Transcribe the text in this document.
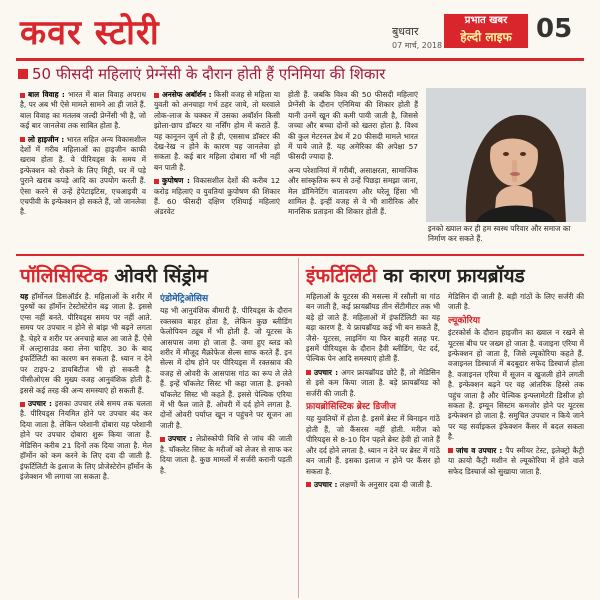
कवर स्टोरी	बुधवार
07 मार्च, 2018
प्रभात खबर
हेल्दी लाइफ 05
50 फीसदी महिलाएं प्रेग्नेंसी के दौरान होती हैं एनिमिया की शिकार

बाल विवाह : भारत में बाल विवाह अपराध है, पर अब भी ऐसे मामले सामने आ ही जाते हैं. बाल विवाह का मतलब जल्दी प्रेग्नेंसी भी है, जो कई बार जानलेवा तक साबित होता है.

लो हाइजीन : भारत सहित अन्य विकासशील देशों में गरीब महिलाओं का हाइजीन काफी खराब होता है. वे पीरियड्स के समय में इन्फेक्शन को रोकने के लिए मिट्टी, घर में पड़े पुराने खराब कपड़े आदि का उपयोग करती हैं. ऐसा करने से उन्हें हेपेटाइटिस, एचआइवी व एचपीवी के इन्फेक्शन हो सकते हैं, जो जानलेवा है.

अनसेफ अबॉर्शन : किसी वजह से महिला या युवती को अनचाहा गर्भ ठहर जाये, तो घरवाले लोक-लाज के चक्कर में उसका अबॉर्शन किसी झोला-छाप डॉक्टर या नर्सिंग होम में कराते हैं. यह कानूनन जुर्म तो है ही, एससाथ डॉक्टर की देख-रेख न होने के कारण यह जानलेवा हो सकता है. कई बार महिला दोबारा माँ भी नहीं बन पाती है.

कुपोषण : विकासशील देशों की करीब 12 करोड़ महिलाएं व युवतियां कुपोषण की शिकार हैं. 60 फीसदी दक्षिण एशियाई महिलाएं अंडरवेट

होती हैं. जबकि विश्व की 50 फीसदी महिलाएं प्रेग्नेंसी के दौरान एनिमिया की शिकार होती हैं यानी उनमें खून की कमी पायी जाती है, जिससे जच्चा और बच्चा दोनों को खतरा होता है. विश्व की कुल मेटरनल डेथ में 20 फीसदी मामले भारत में पाये जाते हैं. यह अमेरिका की अपेक्षा 57 फीसदी ज्यादा है.

अन्य परेशानियां में गरीबी, असाक्षरता, सामाजिक और सांस्कृतिक रूप से उन्हें पिछड़ा समझा जाना, मेल डॉमिनेटिंग वातावरण और घरेलू हिंसा भी शामिल है. इन्हीं वजह से वे भी शारीरिक और मानसिक प्रताड़ना की शिकार होती हैं.

इनको ख्याल कर ही हम स्वस्थ परिवार और समाज का निर्माण कर सकते हैं.
पॉलिसिस्टिक ओवरी सिंड्रोम

यह हॉर्मोनल डिसऑर्डर है. महिलाओं के शरीर में पुरुषों का हॉर्मोन टेस्टोस्टेरोन बढ़ जाता है. इससे एग्स नहीं बनते. पीरियड्स समय पर नहीं आते. समय पर उपचार न होने से बांझ भी बढ़ने लगता है. चेहरे व शरीर पर अनचाहे बाल आ जाते हैं. ऐसे में अल्ट्रासाउंड करा लेना चाहिए. 30 के बाद इंफर्टिलिटी का कारण बन सकता है. ध्यान न देने पर टाइप-2 डायबिटीज भी हो सकती है. पीसीओएस की मुख्य वजह आनुवंशिक होती है. इससे कई तरह की अन्य समस्याएं हो सकती हैं.

उपचार : इसका उपचार लंबे समय तक चलता है. पीरियड्स नियमित होने पर उपचार बंद कर दिया जाता है. लेकिन परेशानी दोबारा यह परेशानी होने पर उपचार दोबारा शुरू किया जाता है. मेडिसिन करीब 21 दिनों तक दिया जाता है. मेल हॉर्मोन को कम करने के लिए दवा दी जाती है. इंफर्टिलिटी के इलाज के लिए प्रोजेस्टेरोन हॉर्मोन के इंजेक्शन भी लगाया जा सकता है.

एंडोमेट्रिओसिस

यह भी आनुवंशिक बीमारी है. पीरियड्स के दौरान रक्तस्राव बाहर होता है, लेकिन कुछ ब्लीडिंग फेलोपियन ट्यूब में भी होती है. जो यूटरस के आसपास जमा हो जाता है. जमा हुए ब्लड को शरीर में मौजूद मैक्रोफेज सेल्स साफ करते हैं. इन सेल्स में दोष होने पर पीरियड्स में रक्तस्राव की वजह से ओवरी के आसपास गांठ का रूप ले लेते हैं. इन्हें चॉकलेट सिस्ट भी कहा जाता है. इनको चॉकलेट सिस्ट भी कहते हैं. इससे पेल्विक एरिया में भी फैल जाते हैं. ओवरी में दर्द होने लगता है. दोनों ओवरी पर्याप्त खून न पहुंचने पर सूजन आ जाती है.

उपचार : लेप्रोस्कोपी विधि से जांच की जाती है. चॉकलेट सिस्ट के मरीजों को लेजर से साफ कर दिया जाता है. कुछ मामलों में सर्जरी करानी पड़ती है.

इंफर्टिलिटी का कारण फ्रायब्रॉयड

महिलाओं के यूटरस की मसल्स में रसौली या गांठ बन जाती है, कई फ्रायब्रॉयड तीन सेंटीमीटर तक भी बड़े हो जाते हैं. महिलाओं में इंफर्टिलिटी का यह बड़ा कारण है. ये फ्रायब्रॉयड कई भी बन सकते हैं, जैसे- यूटरस, लाइनिंग या फिर बाहरी सतह पर. इसमें पीरियड्स के दौरान हैवी ब्लीडिंग, पेट दर्द, पेल्विक पेन आदि समस्याएं होती हैं.

उपचार : अगर फ्रायब्रॉयड छोटे हैं, तो मेडिसिन से इसे कम किया जाता है. बड़े फ्रायब्रॉयड को सर्जरी की जाती है.

फ्रायब्रोसिस्टिक ब्रेस्ट डिजीज

यह युवतियों में होता है. इसमें ब्रेस्ट में बिनाइन गांठें होती हैं, जो कैंसरस नहीं होती. मरीज को पीरियड्स से 8-10 दिन पहले ब्रेस्ट हेवी हो जाते हैं और दर्द होने लगता है. ध्यान न देने पर ब्रेस्ट में गांठें बन जाती हैं. इसका इलाज न होने पर कैंसर हो सकता है.

उपचार : लक्षणों के अनुसार दवा दी जाती है.

मेडिसिन दी जाती है. बड़ी गांठों के लिए सर्जरी की जाती है.

ल्यूकोरिया

इंटरकोर्स के दौरान हाइजीन का ख्याल न रखने से यूटरस बीच पर जख्म हो जाता है. वजाइना एरिया में इन्फेक्शन हो जाता है, जिसे ल्यूकोरिया कहते हैं. वजाइनल डिस्चार्ज में बदबूदार सफेद डिस्चार्ज होता है. वजाइनल एरिया में सूजन व खुजली होने लगती है. इन्फेक्शन बढ़ने पर यह आंतरिक हिस्से तक पहुंच जाता है और पेल्विक इन्फ्लामेटरी डिसीज हो सकता है. इम्यून सिस्टम कमजोर होने पर यूटरस इन्फेक्शन हो जाता है. समुचित उपचार न किये जाने पर यह सर्वाइकल इंफेक्शन कैंसर में बदल सकता है.

जांच व उपचार : पैप स्मीयर टेस्ट, इलेक्ट्रो कैट्री या क्रायो कैट्री मशीन से ल्यूकोरिया में होने वाले सफेद डिस्चार्ज को सुखाया जाता है.
